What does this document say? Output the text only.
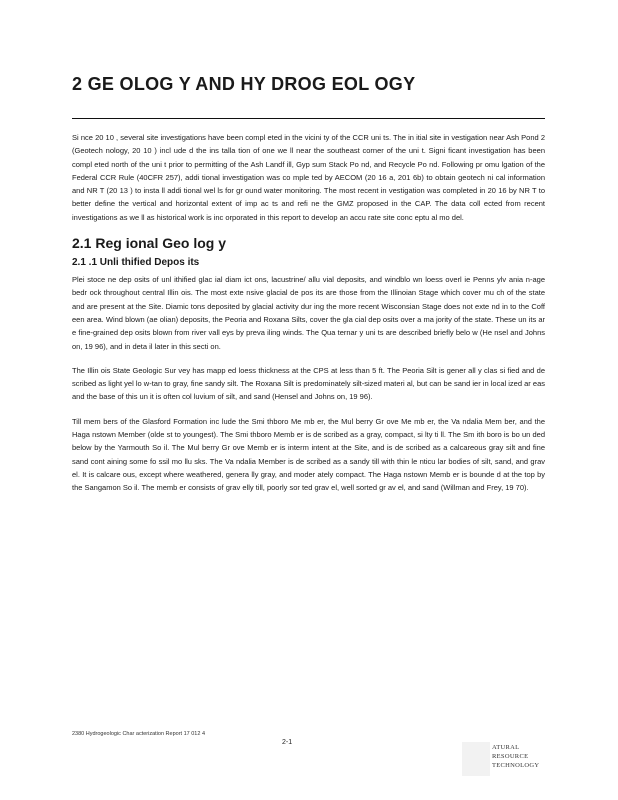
2 GE OLOG Y AND HY DROG EOL OGY

Si nce 20 10 , several site investigations have been compl eted in the vicini ty of the CCR uni ts. The in itial site in vestigation near Ash Pond 2 (Geotech nology, 20 10 ) incl ude d the ins talla tion of one we ll near the southeast corner of the uni t. Signi ficant investigation has been compl eted north of the uni t prior to permitting of the Ash Landf ill, Gyp sum Stack Po nd, and Recycle Po nd. Following pr omu lgation of the Federal CCR Rule (40CFR 257), addi tional investigation was co mple ted by AECOM (20 16 a, 201 6b) to obtain geotech ni cal information and NR T (20 13 ) to insta ll addi tional wel ls for gr ound water monitoring. The most recent in vestigation was completed in 20 16 by NR T to better define the vertical and horizontal extent of imp ac ts and refi ne the GMZ proposed in the CAP. The data coll ected from recent investigations as we ll as historical work is inc orporated in this report to develop an accu rate site conc eptu al mo del.

2.1 Reg ional Geo log y
2.1 .1 Unli thified Depos its

Plei stoce ne dep osits of unl ithified glac ial diam ict ons, lacustrine/ allu vial deposits, and windblo wn loess overl ie Penns ylv ania n-age bedr ock throughout central Illin ois. The most exte nsive glacial de pos its are those from the Illinoian Stage which cover mu ch of the state and are present at the Site. Diamic tons deposited by glacial activity dur ing the more recent Wisconsian Stage does not exte nd in to the Coff een area. Wind blown (ae olian) deposits, the Peoria and Roxana Silts, cover the gla cial dep osits over a ma jority of the state. These un its ar e fine-grained dep osits blown from river vall eys by preva iling winds. The Qua ternar y uni ts are described briefly belo w (He nsel and Johns on, 19 96), and in deta il later in this secti on.

The Illin ois State Geologic Sur vey has mapp ed loess thickness at the CPS at less than 5 ft. The Peoria Silt is gener all y clas si fied and de scribed as light yel lo w-tan to gray, fine sandy silt. The Roxana Silt is predominately silt-sized materi al, but can be sand ier in local ized ar eas and the base of this un it is often col luvium of silt, and sand (Hensel and Johns on, 19 96).

Till mem bers of the Glasford Formation inc lude the Smi thboro Me mb er, the Mul berry Gr ove Me mb er, the Va ndalia Mem ber, and the Haga nstown Member (olde st to youngest). The Smi thboro Memb er is de scribed as a gray, compact, si lty ti ll. The Sm ith boro is bo un ded below by the Yarmouth So il. The Mul berry Gr ove Memb er is interm intent at the Site, and is de scribed as a calcareous gray silt and fine sand cont aining some fo ssil mo llu sks. The Va ndalia Member is de scribed as a sandy till with thin le nticu lar bodies of silt, sand, and grav el. It is calcare ous, except where weathered, genera lly gray, and moder ately compact. The Haga nstown Memb er is bounde d at the top by the Sangamon So il. The memb er consists of grav elly till, poorly sor ted grav el, well sorted gr av el, and sand (Willman and Frey, 19 70).

2380 Hydrogeologic Char acterization Report 17 012 4
2-1
ATURAL
RESOURCE
TECHNOLOGY
